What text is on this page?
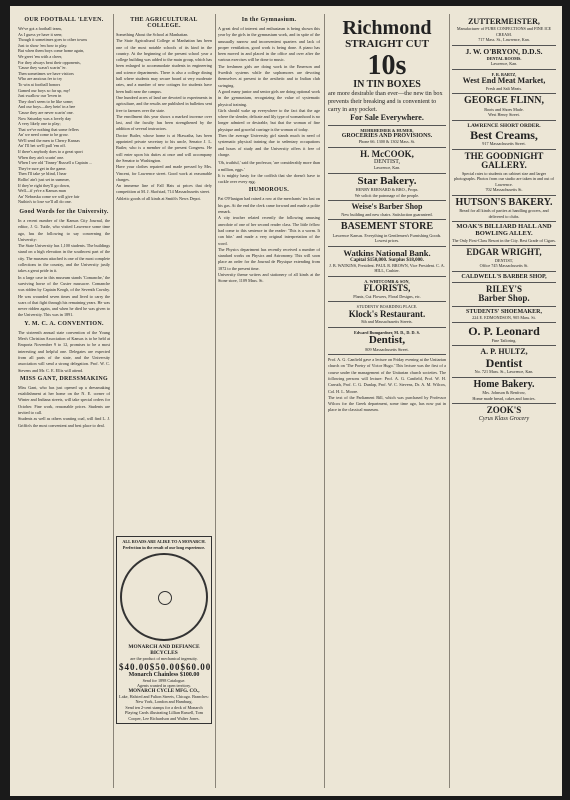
OUR FOOTBALL 'LEVEN.

We've got a football team,
As I guess ye have it seen;
Though it sometimes goes to other towns
Just to show 'em how to play.
But when them boys come home again,
We greet 'em with a cheer,
For they always beat their opponents,
'Cause they wasn't scarin' 'er.
Then sometimes we have visitors
Who are anxious fer to try
To win at football honors
Gamed our boys so far up, my!
Just swallow our 'leven in
They don't seem to be like some;
And our boys—they bein' in a bee
'Cause they are never scarin' one.
Now Saturday was a lovely day
A very likely one to play;
That we've nothing that some fellers
An' we need come to be grow.
We'll send the men to Cherry Kansas
An' I'll bet we'll pull 'em off.
If there's anybody does to a great sport
When they ain't scarin' one.
When I see old 'Tinney' Russell a Captain ...
They're sure get in the game.
Then I'll take ye blind, I hear
Rollin' ain't just set in summer,
If they're right they'll go down,
Well—if ye're a Kansas man
An' Nebraska come we will give fair
Nuthin's to lose we'll all do one.

Good Words for the University.

In a recent number of the Kansas City Journal, the editor, J. G. Tuttle, who visited Lawrence some time ago, has the following to say concerning the University:
The State University has 1,100 students. The buildings stand on a high elevation in the southwest part of the city. The museum attached is one of the most complete collections in the country, and the University justly takes a great pride in it.
In a large case in this museum stands 'Comanche,' the surviving horse of the Custer massacre. Comanche was ridden by Captain Keogh, of the Seventh Cavalry. He was wounded seven times and lived to carry the scars of that fight through his remaining years. He was never ridden again, and when he died he was given to the University. This was in 1891.

Y. M. C. A. CONVENTION.

The sixteenth annual state convention of the Young Men's Christian Association of Kansas is to be held at Emporia November 9 to 12, promises to be a most interesting and helpful one. Delegates are expected from all parts of the state, and the University association will send a strong delegation. Prof. W. C. Stevens and Mr. C. E. Ellis will attend.

MISS GANT, DRESSMAKING

Miss Gant, who has just opened up a dressmaking establishment at her home on the N. E. corner of Winter and Indiana streets, will take special orders for October. Fine work, reasonable prices. Students are invited to call.
Students as well as others wanting coal, will find L. J. Griffin's the most convenient and best place to deal.

THE AGRICULTURAL COLLEGE.

Something About the School at Manhattan.
The State Agricultural College at Manhattan has been one of the most notable schools of its kind in the country. At the beginning of the present school year a college building was added to the main group, which has been enlarged to accommodate students in engineering and science departments. There is also a college dining hall where students may secure board at very moderate rates, and a number of new cottages for students have been built near the campus.
One hundred acres of land are devoted to experiments in agriculture, and the results are published in bulletins sent free to farmers over the state.
The enrollment this year shows a marked increase over last, and the faculty has been strengthened by the addition of several instructors.
Doctor Butler, whose home is at Hiawatha, has been appointed private secretary to his uncle, Senator J. L. Butler, who is a member of the present Congress. He will enter upon his duties at once and will accompany the Senator to Washington.
Have your clothes repaired and made pressed by Mrs. Vincent, for Lawrence street. Good work at reasonable charges.
An immense line of Fall Hats at prices that defy competition at M. J. Skofstad, 714 Massachusetts street.
Athletic goods of all kinds at Smith's News Depot.

ALL ROADS ARE ALIKE TO A MONARCH. Perfection in the result of our long experience.
MONARCH AND DEFIANCE BICYCLES
are the product of mechanical ingenuity.
$40.00 $50.00 $60.00
Monarch Chainless $100.00
Send for 1898 Catalogue.
Agents wanted in open territory.
MONARCH CYCLE MFG. CO.,
Lake, Halsted and Fulton Streets, Chicago. Branches: New York, London and Hamburg.
Send ten 2-cent stamps for a deck of Monarch Playing Cards illustrating Lillian Russell, Tom Cooper, Lee Richardson and Walter Jones.
In the Gymnasium.

A great deal of interest and enthusiasm is being shown this year by the girls in the gymnasium work, and in spite of the unusually narrow and inconvenient quarters and lack of proper ventilation, good work is being done. A piano has been moved in and placed in the office and over after the various exercises will be done to music.
The freshmen girls are doing work in the Emerson and Swedish systems while the sophomores are devoting themselves at present to the aesthetic and to Indian club swinging.
A good many junior and senior girls are doing optional work in the gymnasium, recognizing the value of systematic physical training.
Girls should wake up everywhere to the fact that the age where the slender, delicate and lily type of womanhood is no longer admired or desirable, but that the woman of fine physique and graceful carriage is the woman of today.
Then the average University girl stands much in need of systematic physical training due to sedentary occupations and hours of study and the University offers it free of charge.

'Oh, truthful,' said the professor, 'are considerably more than a million, eggs.'
It is mighty hasty for the codfish that she doesn't have to cackle over every egg.

HUMOROUS.

Pat O'Flanigan had raised a row at the merchants' tea last on his gas. At the end the clerk came forward and made a polite remark.
A city teacher related recently the following amusing anecdote of one of her second reader class. The little fellow had come to this sentence in the reader: 'This is a worm. It can bite.' and made a very original interpretation of the word.
The Physics department has recently received a number of standard works on Physics and Astronomy. This will soon place an order for the Journal de Physique extending from 1872 to the present time.
University theme writers and stationery of all kinds at the Stone store, 1109 Mass. St.

Richmond
STRAIGHT CUT
10s
IN TIN BOXES
are more desirable than ever—the new tin box prevents their breaking and is convenient to carry in any pocket.
For Sale Everywhere.
MEHRHEIMER & HUMER,
GROCERIES AND PROVISIONS.
Phone 66. 1300 & 1302 Mass. St.
H. McCOOK,
DENTIST,
Lawrence, Kan.
Star Bakery.
HENRY BERNARD & BRO., Props.
We solicit the patronage of the people.
Weise's Barber Shop
New building and new chairs. Satisfaction guaranteed.
BASEMENT STORE
Lawrence Kansas. Everything in Gentlemen's Furnishing Goods. Lowest prices.
Watkins National Bank.
Capital $150,000. Surplus $18,000.
J. B. WATKINS, President. PAUL R. BROWN, Vice President. C. A. HILL, Cashier.
A. WHITCOMB & SON,
FLORISTS,
Plants, Cut Flowers, Floral Designs, etc.
STUDENTS' BOARDING PLACE.
Klock's Restaurant.
8th and Massachusetts Streets.
Edward Bumgardner, M. D., D. D. S.
Dentist,
809 Massachusetts Street.

Prof. A. G. Canfield gave a lecture on Friday evening at the Unitarian church on 'The Poetry of Victor Hugo.' This lecture was the first of a course under the management of the Unitarian church societies. The following persons will lecture: Prof. A. G. Canfield, Prof. W. H. Carruth, Prof. C. G. Dunlap, Prof. W. C. Stevens, Dr. A. M. Wilcox, Col. H. L. Moore.
The text of the Parliament Bill, which was purchased by Professor Wilcox for the Greek department, some time ago, has now put in place in the classical museum.

ZUTTERMEISTER,
Manufacturer of PURE CONFECTIONS and FINE ICE CREAM.
717 Mass. St., Lawrence, Kan.
J. W. O'BRYON, D.D.S.
DENTAL ROOMS.
Lawrence, Kan.
F. R. BARTZ,
West End Meat Market,
Fresh and Salt Meats.
GEORGE FLINN,
Boots and Shoes Made.
West Henry Street.
LAWRENCE SHORT ORDER.
Best Creams,
917 Massachusetts Street.
THE GOODNIGHT GALLERY.
Special rates to students on cabinet size and larger photographs. Photos from our studio are taken in and out of Lawrence.
702 Massachusetts St.
HUTSON'S BAKERY.
Bread for all kinds of parties at handling grocers, and delivered to clubs.
MOAK'S BILLIARD HALL AND BOWLING ALLEY.
The Only First-Class Resort in the City. Best Grade of Cigars.
EDGAR WRIGHT,
DENTIST,
Office 745 Massachusetts St.
CALDWELL'S BARBER SHOP,
RILEY'S
Barber Shop.
STUDENTS' SHOEMAKER,
224 E. EDMONDSON, 905 Mass. St.
O. P. Leonard
Fine Tailoring.
A. P. HULTZ,
Dentist
No. 721 Mass. St., Lawrence, Kan.
Home Bakery.
Mrs. Johnson & Renfrow,
Home made bread, cakes and fancies.
ZOOK'S
Cyrus Klass Grocery
